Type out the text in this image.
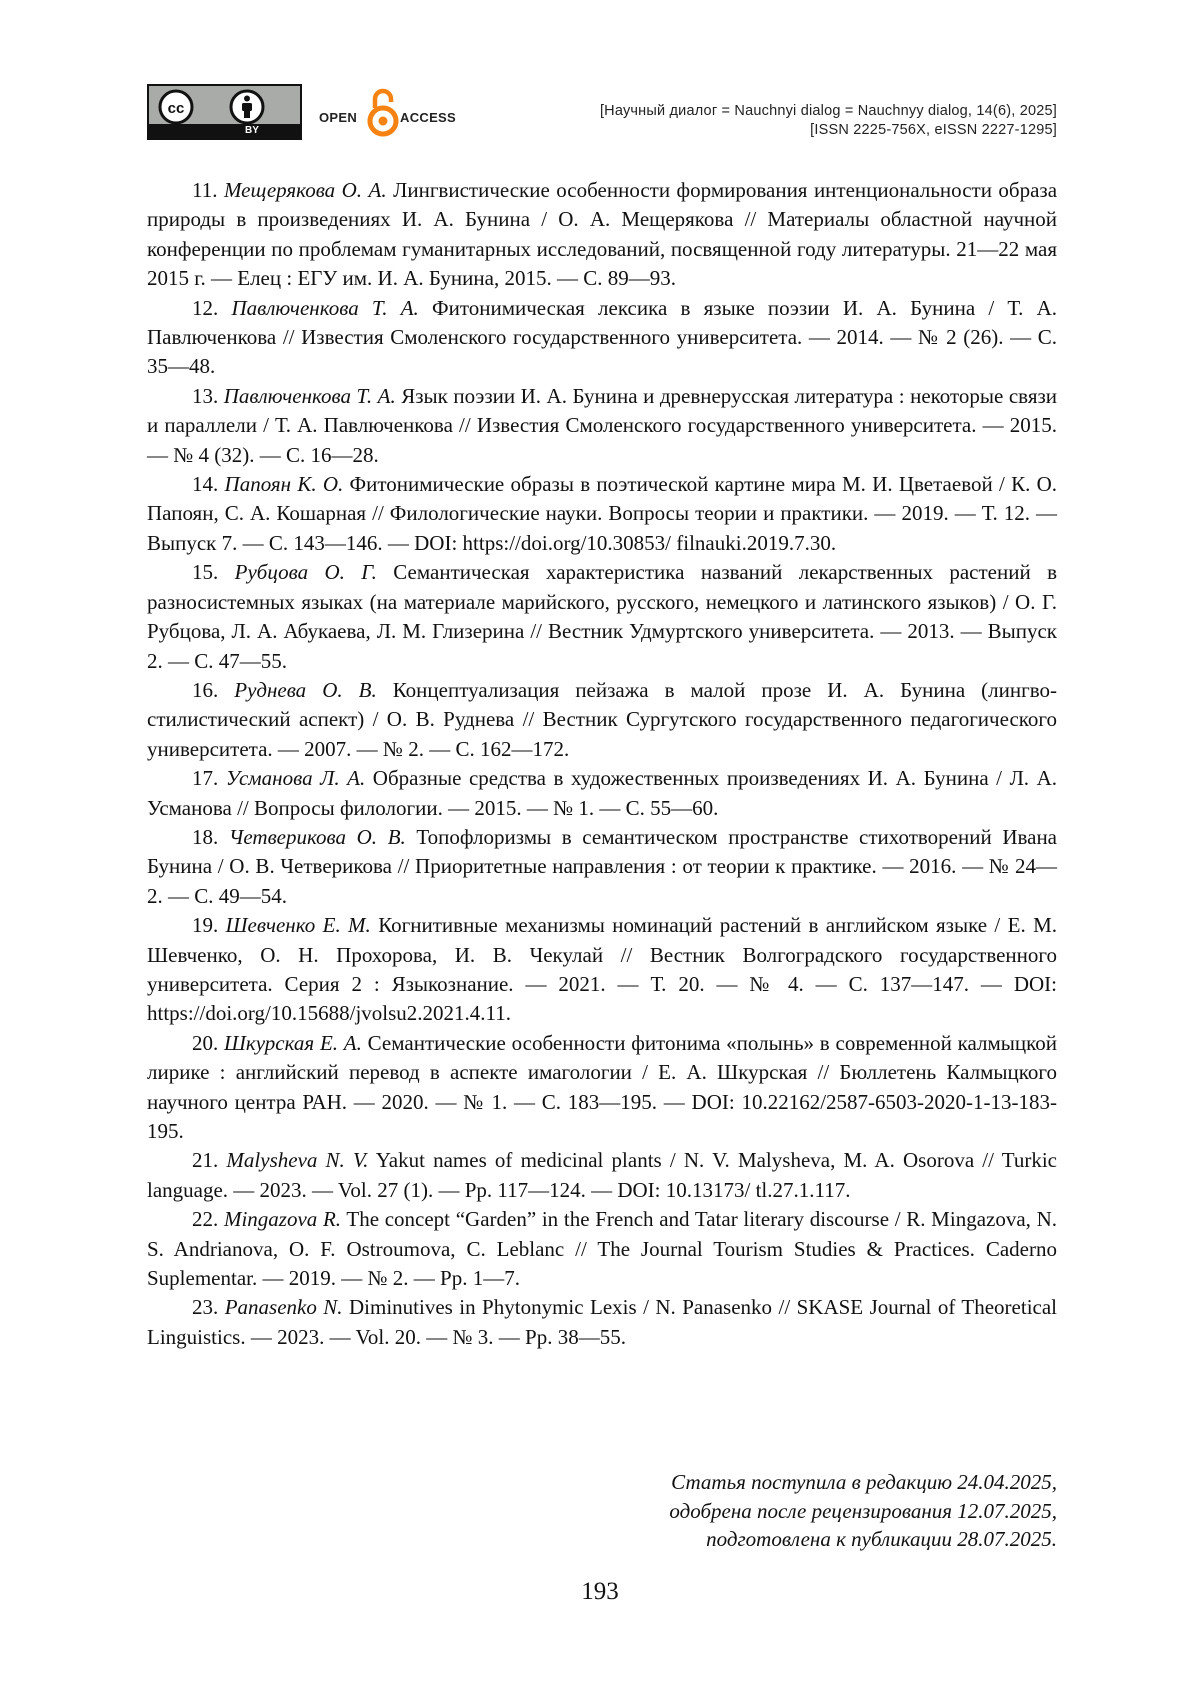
cc
BY
OPEN	ACCESS	[Научный диалог = Nauchnyi dialog = Nauchnyy dialog, 14(6), 2025]
[ISSN 2225-756X, eISSN 2227-1295]

11. Мещерякова О. А. Лингвистические особенности формирования интенциональности образа природы в произведениях И. А. Бунина / О. А. Мещерякова // Материалы областной научной конференции по проблемам гуманитарных исследований, посвященной году литературы. 21—22 мая 2015 г. — Елец : ЕГУ им. И. А. Бунина, 2015. — С. 89—93.

12. Павлюченкова Т. А. Фитонимическая лексика в языке поэзии И. А. Бунина / Т. А. Павлюченкова // Известия Смоленского государственного университета. — 2014. — № 2 (26). — С. 35—48.

13. Павлюченкова Т. А. Язык поэзии И. А. Бунина и древнерусская литература : некоторые связи и параллели / Т. А. Павлюченкова // Известия Смоленского государственного университета. — 2015. — № 4 (32). — С. 16—28.

14. Папоян К. О. Фитонимические образы в поэтической картине мира М. И. Цветаевой / К. О. Папоян, С. А. Кошарная // Филологические науки. Вопросы теории и практики. — 2019. — Т. 12. — Выпуск 7. — С. 143—146. — DOI: https://doi.org/10.30853/ filnauki.2019.7.30.

15. Рубцова О. Г. Семантическая характеристика названий лекарственных растений в разносистемных языках (на материале марийского, русского, немецкого и латинского языков) / О. Г. Рубцова, Л. А. Абукаева, Л. М. Глизерина // Вестник Удмуртского университета. — 2013. — Выпуск 2. — С. 47—55.

16. Руднева О. В. Концептуализация пейзажа в малой прозе И. А. Бунина (лингвостилистический аспект) / О. В. Руднева // Вестник Сургутского государственного педагогического университета. — 2007. — № 2. — С. 162—172.

17. Усманова Л. А. Образные средства в художественных произведениях И. А. Бунина / Л. А. Усманова // Вопросы филологии. — 2015. — № 1. — С. 55—60.

18. Четверикова О. В. Топофлоризмы в семантическом пространстве стихотворений Ивана Бунина / О. В. Четверикова // Приоритетные направления : от теории к практике. — 2016. — № 24—2. — С. 49—54.

19. Шевченко Е. М. Когнитивные механизмы номинаций растений в английском языке / Е. М. Шевченко, О. Н. Прохорова, И. В. Чекулай // Вестник Волгоградского государственного университета. Серия 2 : Языкознание. — 2021. — Т. 20. — № 4. — С. 137—147. — DOI: https://doi.org/10.15688/jvolsu2.2021.4.11.

20. Шкурская Е. А. Семантические особенности фитонима «полынь» в современной калмыцкой лирике : английский перевод в аспекте имагологии / Е. А. Шкурская // Бюллетень Калмыцкого научного центра РАН. — 2020. — № 1. — С. 183—195. — DOI: 10.22162/2587-6503-2020-1-13-183-195.

21. Malysheva N. V. Yakut names of medicinal plants / N. V. Malysheva, M. A. Osorova // Turkic language. — 2023. — Vol. 27 (1). — Pp. 117—124. — DOI: 10.13173/ tl.27.1.117.

22. Mingazova R. The concept “Garden” in the French and Tatar literary discourse / R. Mingazova, N. S. Andrianova, O. F. Ostroumova, C. Leblanc // The Journal Tourism Studies & Practices. Caderno Suplementar. — 2019. — № 2. — Pp. 1—7.

23. Panasenko N. Diminutives in Phytonymic Lexis / N. Panasenko // SKASE Journal of Theoretical Linguistics. — 2023. — Vol. 20. — № 3. — Pp. 38—55.

Статья поступила в редакцию 24.04.2025,
одобрена после рецензирования 12.07.2025,
подготовлена к публикации 28.07.2025.
193
